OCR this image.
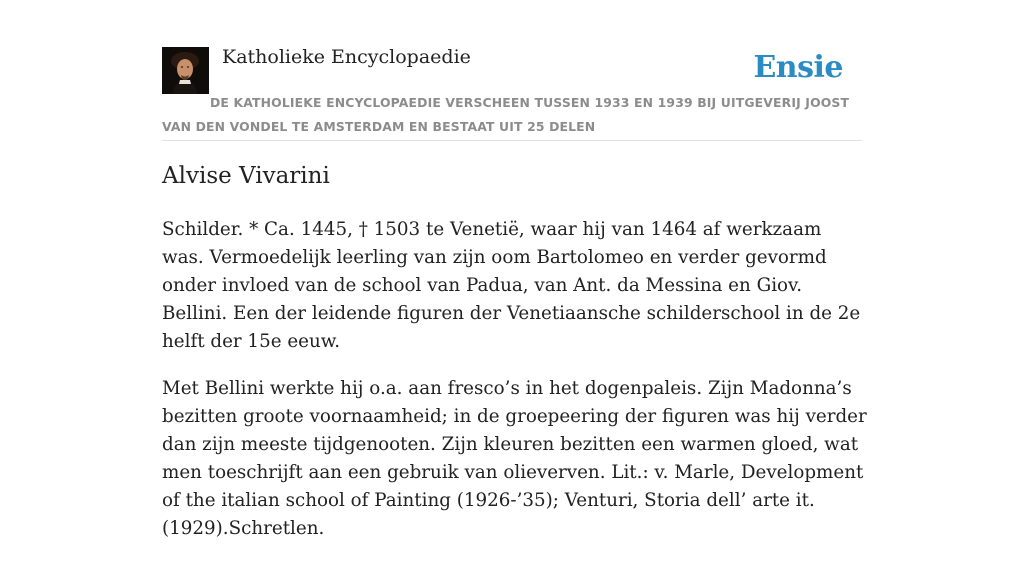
Katholieke Encyclopaedie	Ensie
DE KATHOLIEKE ENCYCLOPAEDIE VERSCHEEN TUSSEN 1933 EN 1939 BIJ UITGEVERIJ JOOST VAN DEN VONDEL TE AMSTERDAM EN BESTAAT UIT 25 DELEN
Alvise Vivarini

Schilder. * Ca. 1445, † 1503 te Venetië, waar hij van 1464 af werkzaam was. Vermoedelijk leerling van zijn oom Bartolomeo en verder gevormd onder invloed van de school van Padua, van Ant. da Messina en Giov. Bellini. Een der leidende figuren der Venetiaansche schilderschool in de 2e helft der 15e eeuw.

Met Bellini werkte hij o.a. aan fresco’s in het dogenpaleis. Zijn Madonna’s bezitten groote voornaamheid; in de groepeering der figuren was hij verder dan zijn meeste tijdgenooten. Zijn kleuren bezitten een warmen gloed, wat men toeschrijft aan een gebruik van olieverven. Lit.: v. Marle, Development of the italian school of Painting (1926-’35); Venturi, Storia dell’ arte it. (1929).Schretlen.
